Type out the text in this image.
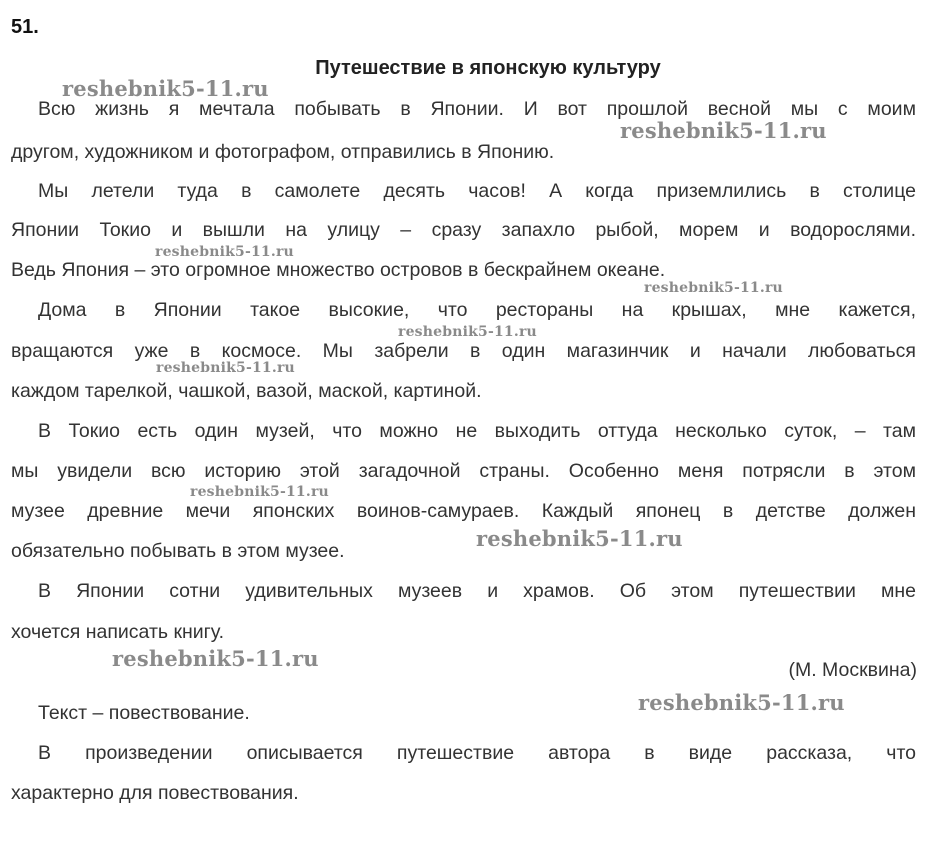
51.
Путешествие в японскую культуру
Всю жизнь я мечтала побывать в Японии. И вот прошлой весной мы с моим
другом, художником и фотографом, отправились в Японию.
Мы летели туда в самолете десять часов! А когда приземлились в столице
Японии Токио и вышли на улицу – сразу запахло рыбой, морем и водорослями.
Ведь Япония – это огромное множество островов в бескрайнем океане.
Дома в Японии такое высокие, что рестораны на крышах, мне кажется,
вращаются уже в космосе. Мы забрели в один магазинчик и начали любоваться
каждом тарелкой, чашкой, вазой, маской, картиной.
В Токио есть один музей, что можно не выходить оттуда несколько суток, – там
мы увидели всю историю этой загадочной страны. Особенно меня потрясли в этом
музее древние мечи японских воинов-самураев. Каждый японец в детстве должен
обязательно побывать в этом музее.
В Японии сотни удивительных музеев и храмов. Об этом путешествии мне
хочется написать книгу.
(М. Москвина)
Текст – повествование.
В произведении описывается путешествие автора в виде рассказа, что
характерно для повествования.
reshebnik5-11.ru
reshebnik5-11.ru
reshebnik5-11.ru
reshebnik5-11.ru
reshebnik5-11.ru
reshebnik5-11.ru
reshebnik5-11.ru
reshebnik5-11.ru
reshebnik5-11.ru
reshebnik5-11.ru
